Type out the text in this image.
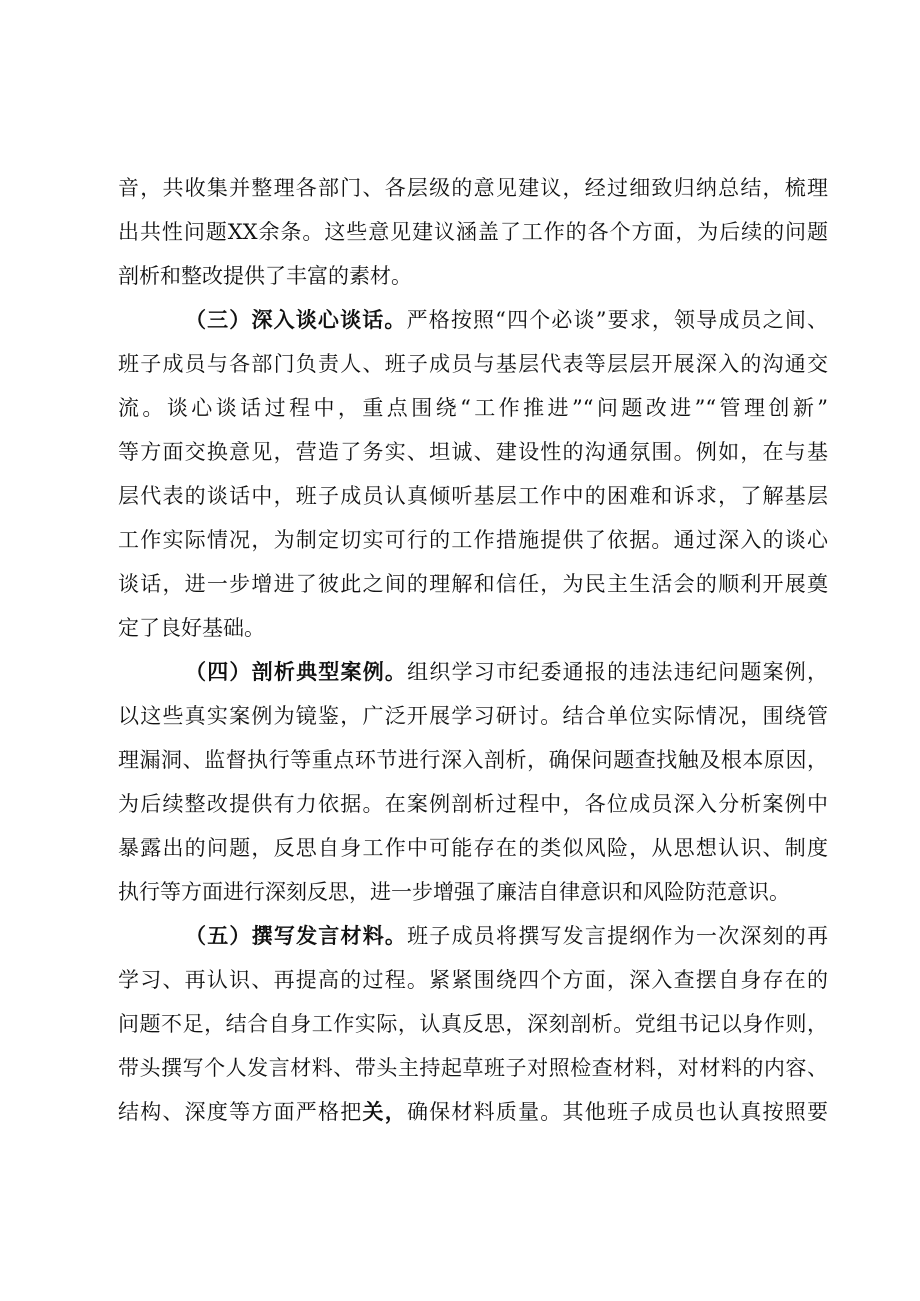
音，共收集并整理各部门、各层级的意见建议，经过细致归纳总结，梳理
出共性问题XX余条。这些意见建议涵盖了工作的各个方面，为后续的问题
剖析和整改提供了丰富的素材。
（三）深入谈心谈话。严格按照“四个必谈”要求，领导成员之间、
班子成员与各部门负责人、班子成员与基层代表等层层开展深入的沟通交
流。谈心谈话过程中，重点围绕“工作推进”“问题改进”“管理创新”
等方面交换意见，营造了务实、坦诚、建设性的沟通氛围。例如，在与基
层代表的谈话中，班子成员认真倾听基层工作中的困难和诉求，了解基层
工作实际情况，为制定切实可行的工作措施提供了依据。通过深入的谈心
谈话，进一步增进了彼此之间的理解和信任，为民主生活会的顺利开展奠
定了良好基础。
（四）剖析典型案例。组织学习市纪委通报的违法违纪问题案例，
以这些真实案例为镜鉴，广泛开展学习研讨。结合单位实际情况，围绕管
理漏洞、监督执行等重点环节进行深入剖析，确保问题查找触及根本原因，
为后续整改提供有力依据。在案例剖析过程中，各位成员深入分析案例中
暴露出的问题，反思自身工作中可能存在的类似风险，从思想认识、制度
执行等方面进行深刻反思，进一步增强了廉洁自律意识和风险防范意识。
（五）撰写发言材料。班子成员将撰写发言提纲作为一次深刻的再
学习、再认识、再提高的过程。紧紧围绕四个方面，深入查摆自身存在的
问题不足，结合自身工作实际，认真反思，深刻剖析。党组书记以身作则，
带头撰写个人发言材料、带头主持起草班子对照检查材料，对材料的内容、
结构、深度等方面严格把关，确保材料质量。其他班子成员也认真按照要
